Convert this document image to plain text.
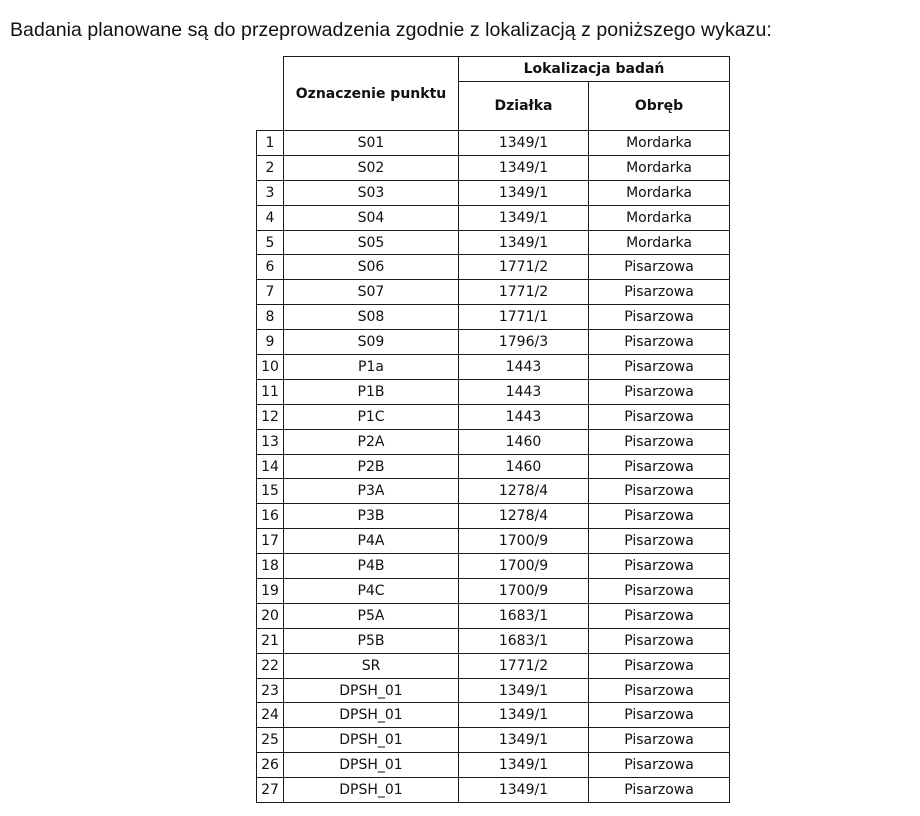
Badania planowane są do przeprowadzenia zgodnie z lokalizacją z poniższego wykazu:
	Oznaczenie punktu	Lokalizacja badań	
		Działka	Obręb
1	S01	1349/1	Mordarka
2	S02	1349/1	Mordarka
3	S03	1349/1	Mordarka
4	S04	1349/1	Mordarka
5	S05	1349/1	Mordarka
6	S06	1771/2	Pisarzowa
7	S07	1771/2	Pisarzowa
8	S08	1771/1	Pisarzowa
9	S09	1796/3	Pisarzowa
10	P1a	1443	Pisarzowa
11	P1B	1443	Pisarzowa
12	P1C	1443	Pisarzowa
13	P2A	1460	Pisarzowa
14	P2B	1460	Pisarzowa
15	P3A	1278/4	Pisarzowa
16	P3B	1278/4	Pisarzowa
17	P4A	1700/9	Pisarzowa
18	P4B	1700/9	Pisarzowa
19	P4C	1700/9	Pisarzowa
20	P5A	1683/1	Pisarzowa
21	P5B	1683/1	Pisarzowa
22	SR	1771/2	Pisarzowa
23	DPSH_01	1349/1	Pisarzowa
24	DPSH_01	1349/1	Pisarzowa
25	DPSH_01	1349/1	Pisarzowa
26	DPSH_01	1349/1	Pisarzowa
27	DPSH_01	1349/1	Pisarzowa
